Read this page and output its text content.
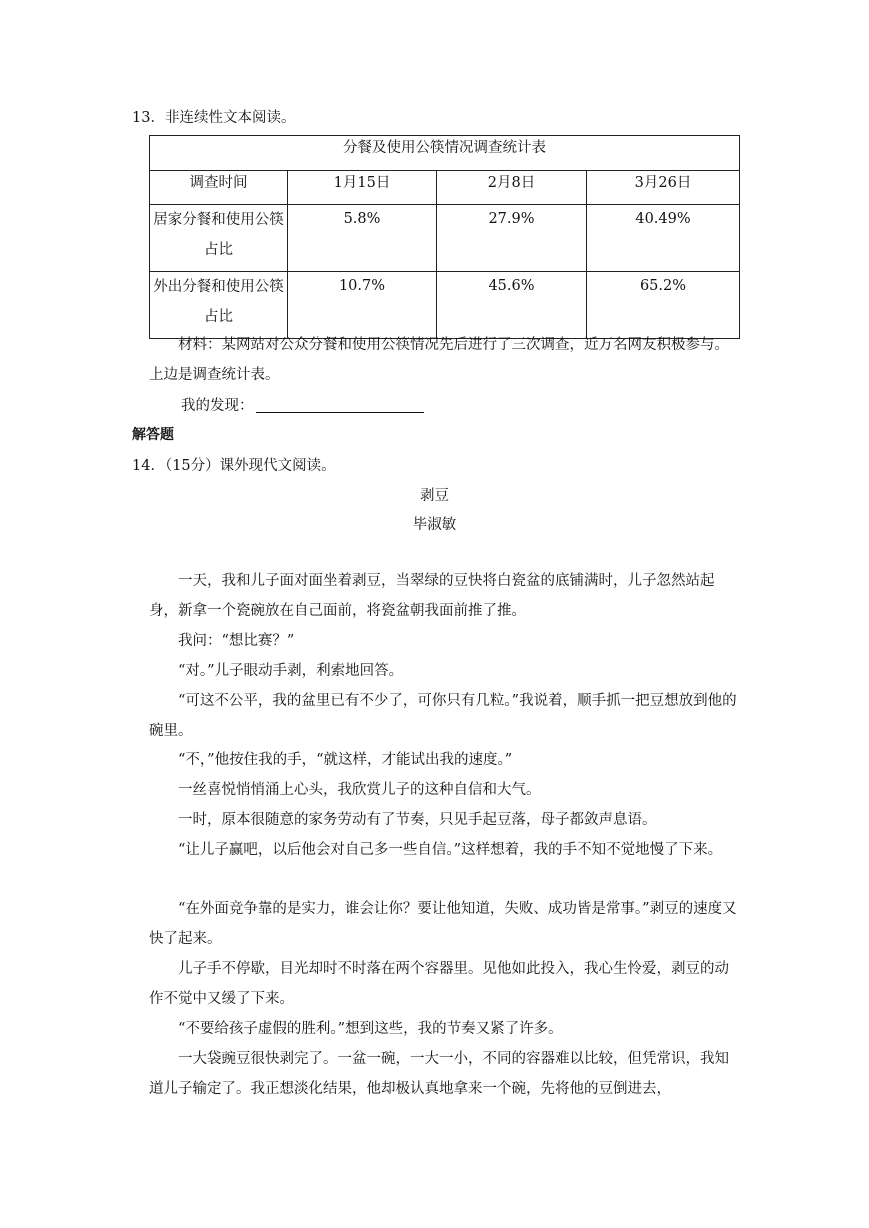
13．非连续性文本阅读。
分餐及使用公筷情况调查统计表			
调查时间	1月15日	2月8日	3月26日
居家分餐和使用公筷占比	5.8%	27.9%	40.49%
外出分餐和使用公筷占比	10.7%	45.6%	65.2%

材料：某网站对公众分餐和使用公筷情况先后进行了三次调查，近万名网友积极参与。上边是调查统计表。

我的发现：
解答题
14．（15分）课外现代文阅读。
剥豆
毕淑敏

一天，我和儿子面对面坐着剥豆，当翠绿的豆快将白瓷盆的底铺满时，儿子忽然站起身，新拿一个瓷碗放在自己面前，将瓷盆朝我面前推了推。

我问：“想比赛？”

“对。”儿子眼动手剥，利索地回答。

“可这不公平，我的盆里已有不少了，可你只有几粒。”我说着，顺手抓一把豆想放到他的碗里。

“不，”他按住我的手，“就这样，才能试出我的速度。”

一丝喜悦悄悄涌上心头，我欣赏儿子的这种自信和大气。

一时，原本很随意的家务劳动有了节奏，只见手起豆落，母子都敛声息语。

“让儿子赢吧，以后他会对自己多一些自信。”这样想着，我的手不知不觉地慢了下来。

“在外面竞争靠的是实力，谁会让你？要让他知道，失败、成功皆是常事。”剥豆的速度又快了起来。

儿子手不停歇，目光却时不时落在两个容器里。见他如此投入，我心生怜爱，剥豆的动作不觉中又缓了下来。

“不要给孩子虚假的胜利。”想到这些，我的节奏又紧了许多。

一大袋豌豆很快剥完了。一盆一碗，一大一小，不同的容器难以比较，但凭常识，我知道儿子输定了。我正想淡化结果，他却极认真地拿来一个碗，先将他的豆倒进去，
